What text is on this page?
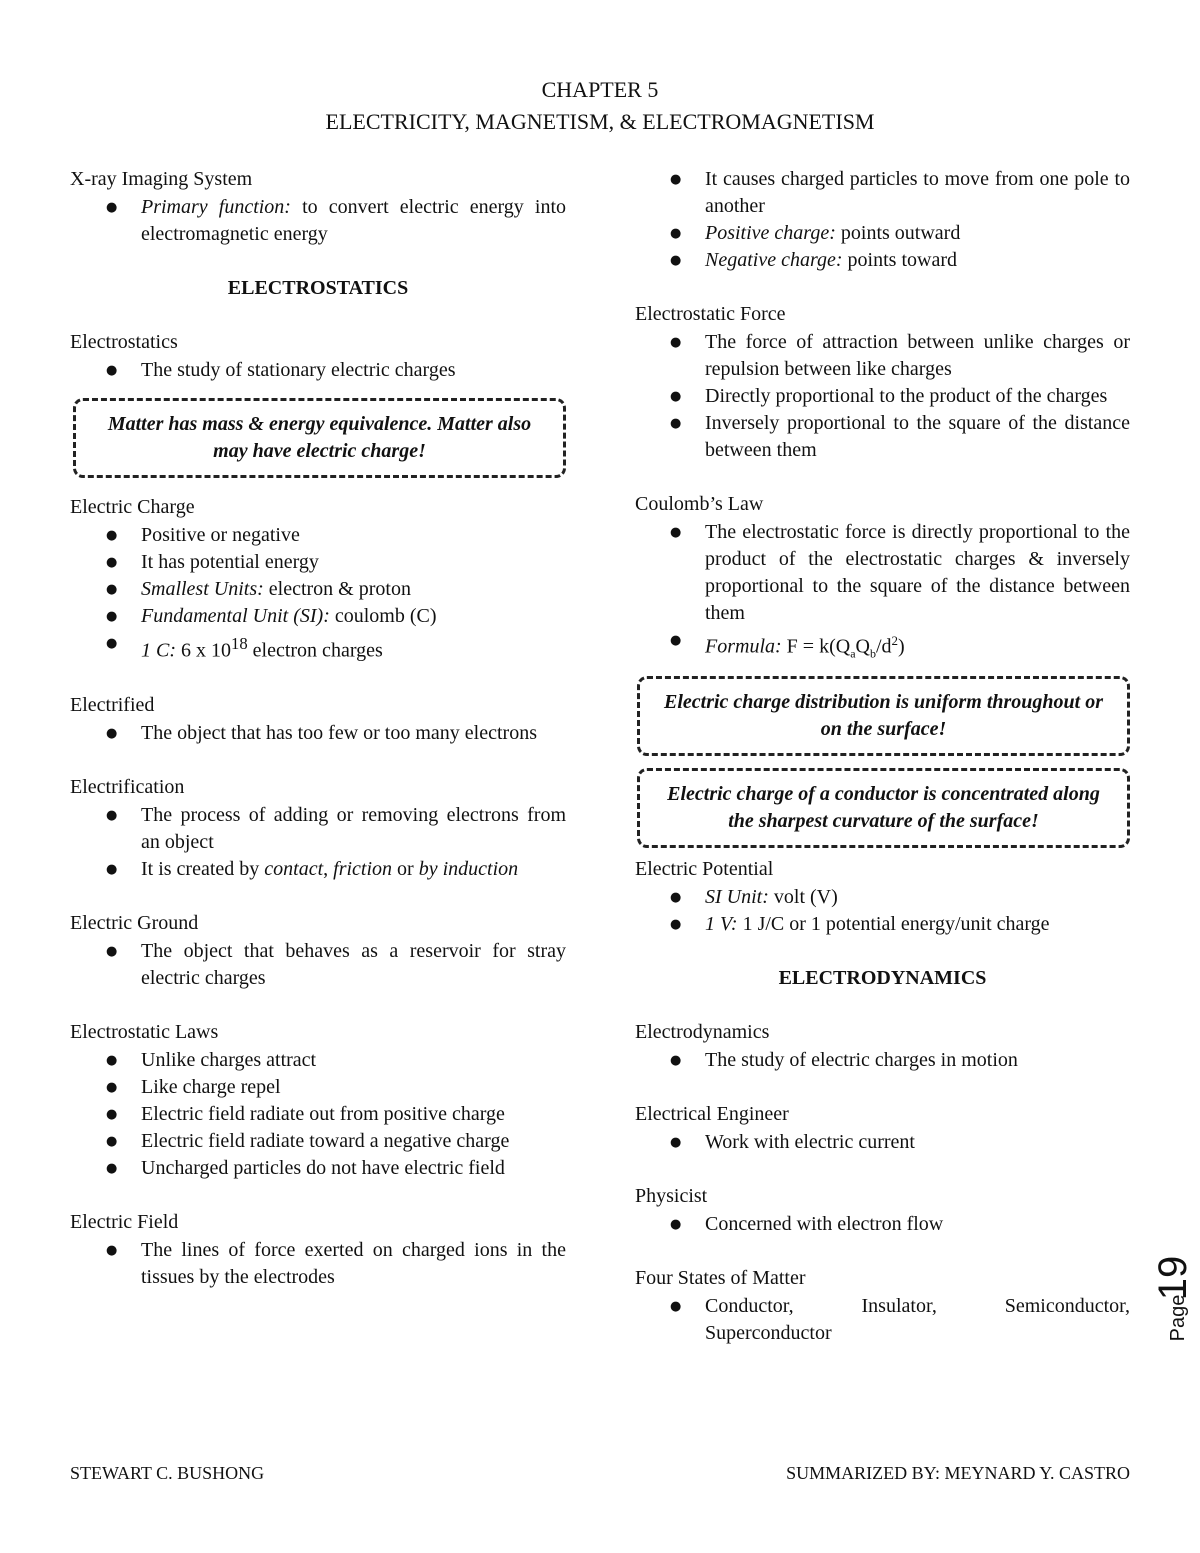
CHAPTER 5
ELECTRICITY, MAGNETISM, & ELECTROMAGNETISM

X-ray Imaging System

● Primary function: to convert electric energy into electromagnetic energy

ELECTROSTATICS

Electrostatics

● The study of stationary electric charges
Matter has mass & energy equivalence. Matter also may have electric charge!

Electric Charge

● Positive or negative
● It has potential energy
● Smallest Units: electron & proton
● Fundamental Unit (SI): coulomb (C)
● 1 C: 6 x $10^{18}$ electron charges

Electrified

● The object that has too few or too many electrons

Electrification

● The process of adding or removing electrons from an object
● It is created by contact, friction or by induction

Electric Ground

● The object that behaves as a reservoir for stray electric charges

Electrostatic Laws

● Unlike charges attract
● Like charge repel
● Electric field radiate out from positive charge
● Electric field radiate toward a negative charge
● Uncharged particles do not have electric field

Electric Field

● The lines of force exerted on charged ions in the tissues by the electrodes
● It causes charged particles to move from one pole to another
● Positive charge: points outward
● Negative charge: points toward

Electrostatic Force

● The force of attraction between unlike charges or repulsion between like charges
● Directly proportional to the product of the charges
● Inversely proportional to the square of the distance between them

Coulomb’s Law

● The electrostatic force is directly proportional to the product of the electrostatic charges & inversely proportional to the square of the distance between them
● Formula: $F = k(Q_aQ_b/d^2)$
Electric charge distribution is uniform throughout or on the surface!
Electric charge of a conductor is concentrated along the sharpest curvature of the surface!

Electric Potential

● SI Unit: volt (V)
● 1 V: 1 J/C or 1 potential energy/unit charge

ELECTRODYNAMICS

Electrodynamics

● The study of electric charges in motion

Electrical Engineer

● Work with electric current

Physicist

● Concerned with electron flow

Four States of Matter

● Conductor, Insulator, Semiconductor, Superconductor
STEWART C. BUSHONG	SUMMARIZED BY: MEYNARD Y. CASTRO
19
Page
